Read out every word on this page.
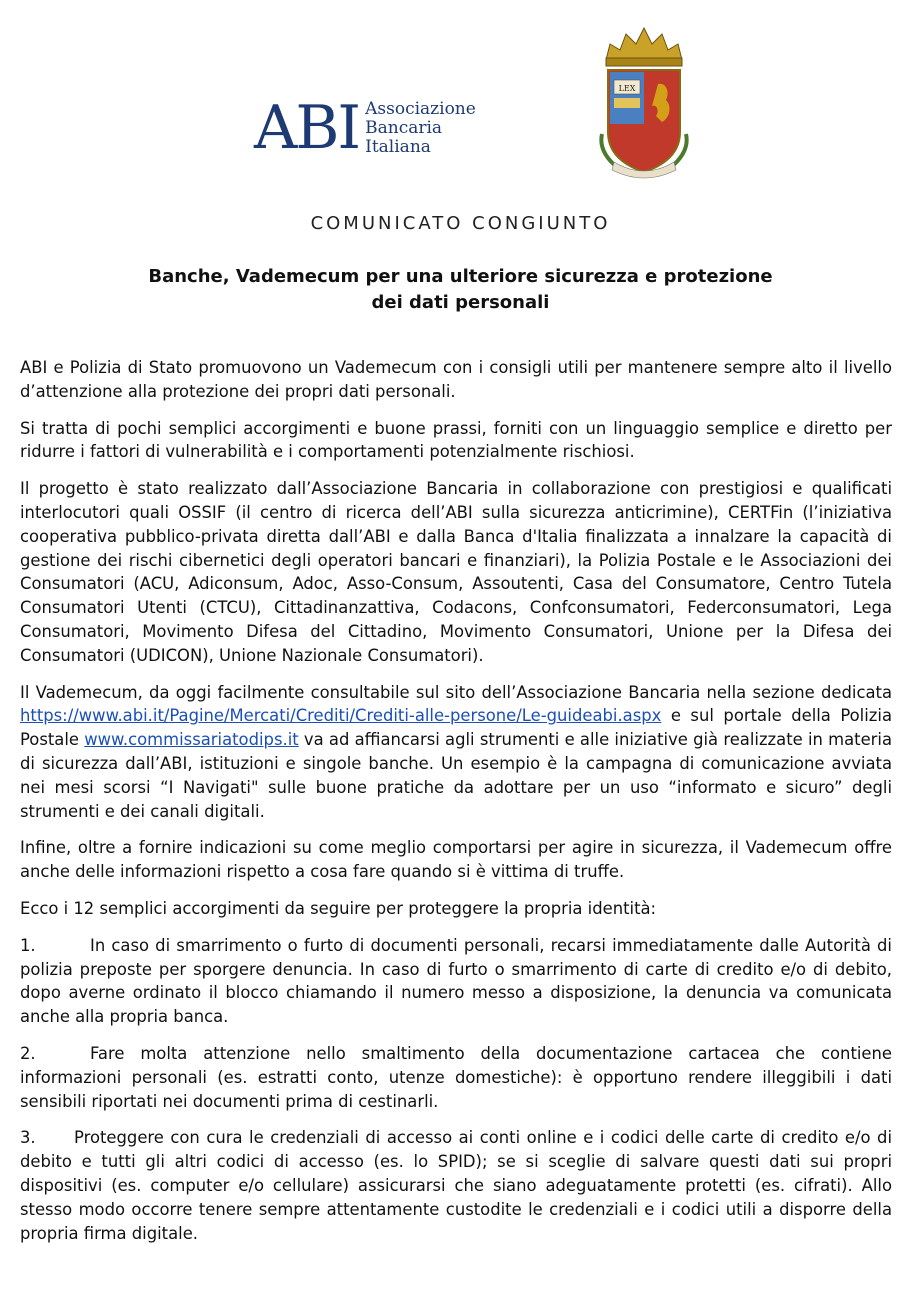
ABI Associazione
Bancaria
Italiana
LEX
COMUNICATO CONGIUNTO
Banche, Vademecum per una ulteriore sicurezza e protezione
dei dati personali

ABI e Polizia di Stato promuovono un Vademecum con i consigli utili per mantenere sempre alto il livello d’attenzione alla protezione dei propri dati personali.

Si tratta di pochi semplici accorgimenti e buone prassi, forniti con un linguaggio semplice e diretto per ridurre i fattori di vulnerabilità e i comportamenti potenzialmente rischiosi.

Il progetto è stato realizzato dall’Associazione Bancaria in collaborazione con prestigiosi e qualificati interlocutori quali OSSIF (il centro di ricerca dell’ABI sulla sicurezza anticrimine), CERTFin (l’iniziativa cooperativa pubblico-privata diretta dall’ABI e dalla Banca d'Italia finalizzata a innalzare la capacità di gestione dei rischi cibernetici degli operatori bancari e finanziari), la Polizia Postale e le Associazioni dei Consumatori (ACU, Adiconsum, Adoc, Asso-Consum, Assoutenti, Casa del Consumatore, Centro Tutela Consumatori Utenti (CTCU), Cittadinanzattiva, Codacons, Confconsumatori, Federconsumatori, Lega Consumatori, Movimento Difesa del Cittadino, Movimento Consumatori, Unione per la Difesa dei Consumatori (UDICON), Unione Nazionale Consumatori).

Il Vademecum, da oggi facilmente consultabile sul sito dell’Associazione Bancaria nella sezione dedicata https://www.abi.it/Pagine/Mercati/Crediti/Crediti-alle-persone/Le-guideabi.aspx e sul portale della Polizia Postale www.commissariatodips.it va ad affiancarsi agli strumenti e alle iniziative già realizzate in materia di sicurezza dall’ABI, istituzioni e singole banche. Un esempio è la campagna di comunicazione avviata nei mesi scorsi “I Navigati" sulle buone pratiche da adottare per un uso “informato e sicuro” degli strumenti e dei canali digitali.

Infine, oltre a fornire indicazioni su come meglio comportarsi per agire in sicurezza, il Vademecum offre anche delle informazioni rispetto a cosa fare quando si è vittima di truffe.

Ecco i 12 semplici accorgimenti da seguire per proteggere la propria identità:

1.	In caso di smarrimento o furto di documenti personali, recarsi immediatamente dalle Autorità di polizia preposte per sporgere denuncia. In caso di furto o smarrimento di carte di credito e/o di debito, dopo averne ordinato il blocco chiamando il numero messo a disposizione, la denuncia va comunicata anche alla propria banca.

2.	Fare molta attenzione nello smaltimento della documentazione cartacea che contiene informazioni personali (es. estratti conto, utenze domestiche): è opportuno rendere illeggibili i dati sensibili riportati nei documenti prima di cestinarli.

3. Proteggere con cura le credenziali di accesso ai conti online e i codici delle carte di credito e/o di debito e tutti gli altri codici di accesso (es. lo SPID); se si sceglie di salvare questi dati sui propri dispositivi (es. computer e/o cellulare) assicurarsi che siano adeguatamente protetti (es. cifrati). Allo stesso modo occorre tenere sempre attentamente custodite le credenziali e i codici utili a disporre della propria firma digitale.
